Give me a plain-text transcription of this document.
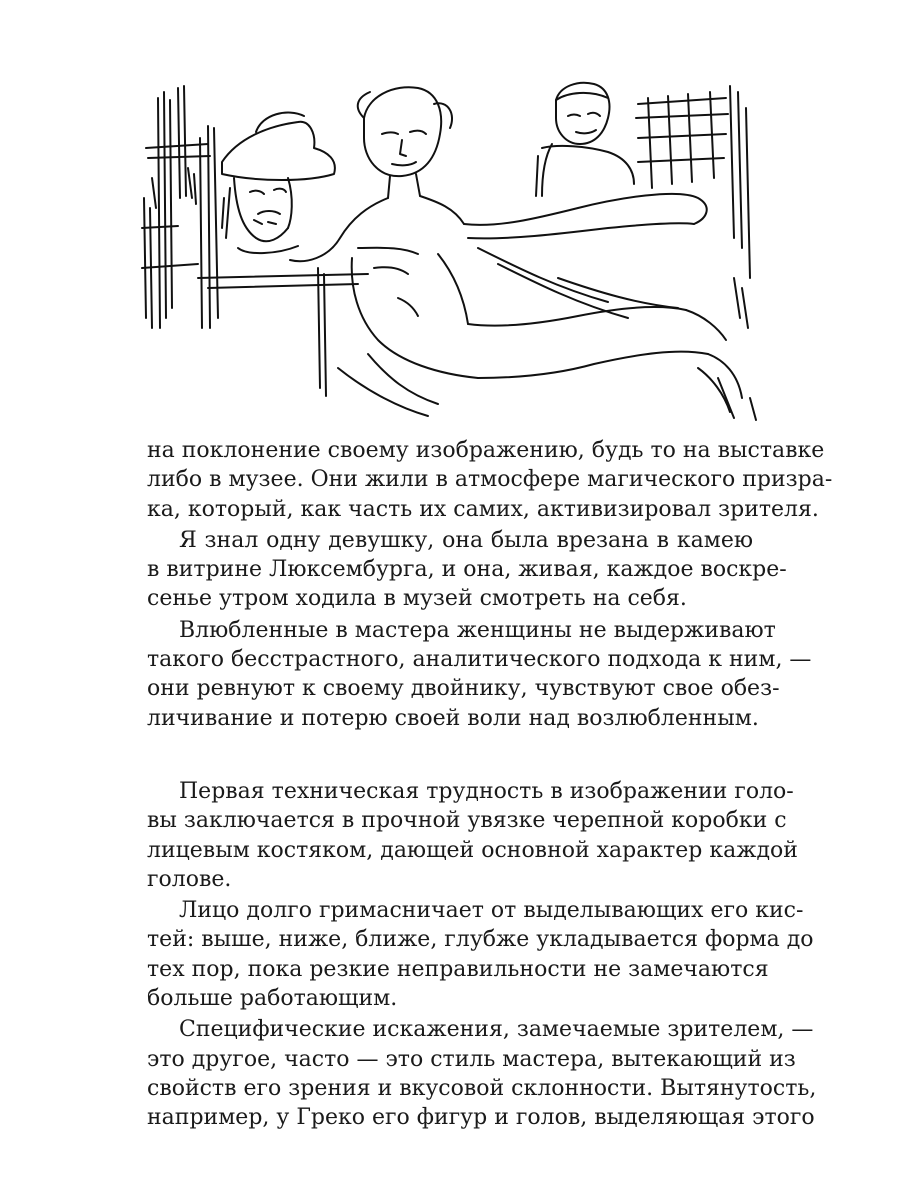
на поклонение своему изображению, будь то на выставке
либо в музее. Они жили в атмосфере магического призра-
ка, который, как часть их самих, активизировал зрителя.
Я знал одну девушку, она была врезана в камею
в витрине Люксембурга, и она, живая, каждое воскре-
сенье утром ходила в музей смотреть на себя.
Влюбленные в мастера женщины не выдерживают
такого бесстрастного, аналитического подхода к ним, —
они ревнуют к своему двойнику, чувствуют свое обез-
личивание и потерю своей воли над возлюбленным.
Первая техническая трудность в изображении голо-
вы заключается в прочной увязке черепной коробки с
лицевым костяком, дающей основной характер каждой
голове.
Лицо долго гримасничает от выделывающих его кис-
тей: выше, ниже, ближе, глубже укладывается форма до
тех пор, пока резкие неправильности не замечаются
больше работающим.
Специфические искажения, замечаемые зрителем, —
это другое, часто — это стиль мастера, вытекающий из
свойств его зрения и вкусовой склонности. Вытянутость,
например, у Греко его фигур и голов, выделяющая этого
